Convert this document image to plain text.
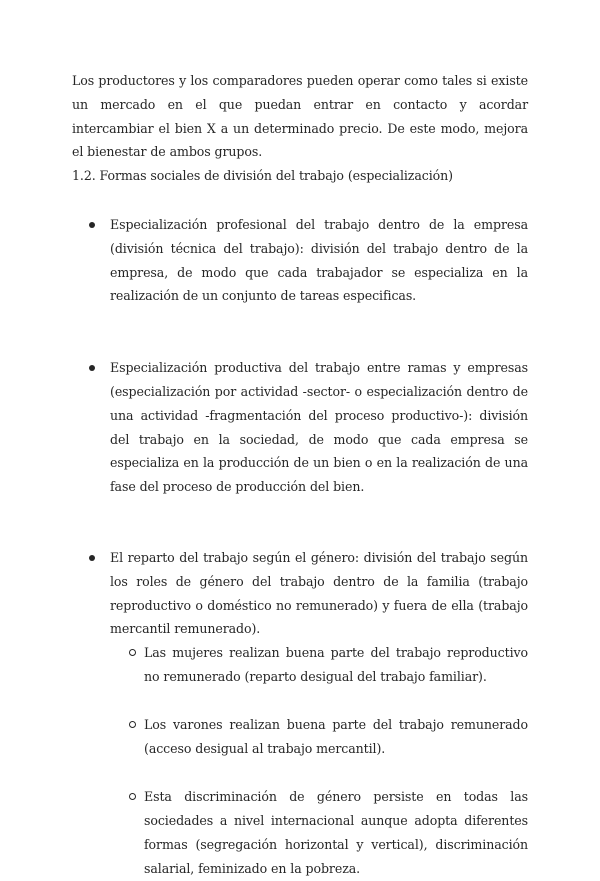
Los productores y los comparadores pueden operar como tales si existe un mercado en el que puedan entrar en contacto y acordar intercambiar el bien X a un determinado precio. De este modo, mejora el bienestar de ambos grupos.

1.2. Formas sociales de división del trabajo (especialización)

Especialización profesional del trabajo dentro de la empresa (división técnica del trabajo): división del trabajo dentro de la empresa, de modo que cada trabajador se especializa en la realización de un conjunto de tareas especificas.
Especialización productiva del trabajo entre ramas y empresas (especialización por actividad -sector- o especialización dentro de una actividad -fragmentación del proceso productivo-): división del trabajo en la sociedad, de modo que cada empresa se especializa en la producción de un bien o en la realización de una fase del proceso de producción del bien.
El reparto del trabajo según el género: división del trabajo según los roles de género del trabajo dentro de la familia (trabajo reproductivo o doméstico no remunerado) y fuera de ella (trabajo mercantil remunerado).
Las mujeres realizan buena parte del trabajo reproductivo no remunerado (reparto desigual del trabajo familiar).
Los varones realizan buena parte del trabajo remunerado (acceso desigual al trabajo mercantil).
Esta discriminación de género persiste en todas las sociedades a nivel internacional aunque adopta diferentes formas (segregación horizontal y vertical), discriminación salarial, feminizado en la pobreza.
